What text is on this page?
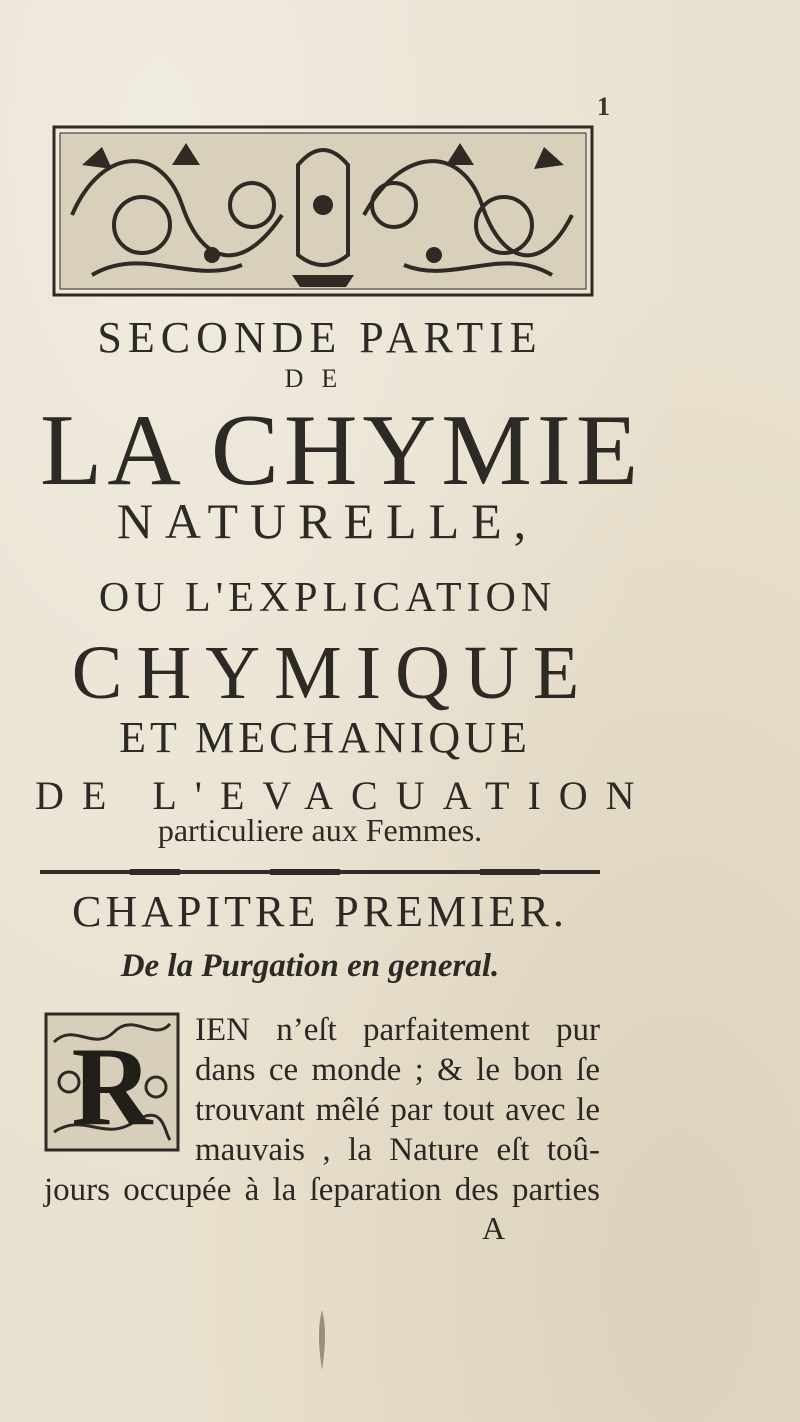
1
SECONDE PARTIE
DE
LA CHYMIE
NATURELLE,
OU L'EXPLICATION
CHYMIQUE
ET MECHANIQUE
DE L'EVACUATION
particuliere aux Femmes.
CHAPITRE PREMIER.
De la Purgation en general.
R IEN n’eſt parfaitement pur
dans ce monde ; & le bon ſe
trouvant mêlé par tout avec le
mauvais , la Nature eſt toû-
jours occupée à la ſeparation des parties
A
